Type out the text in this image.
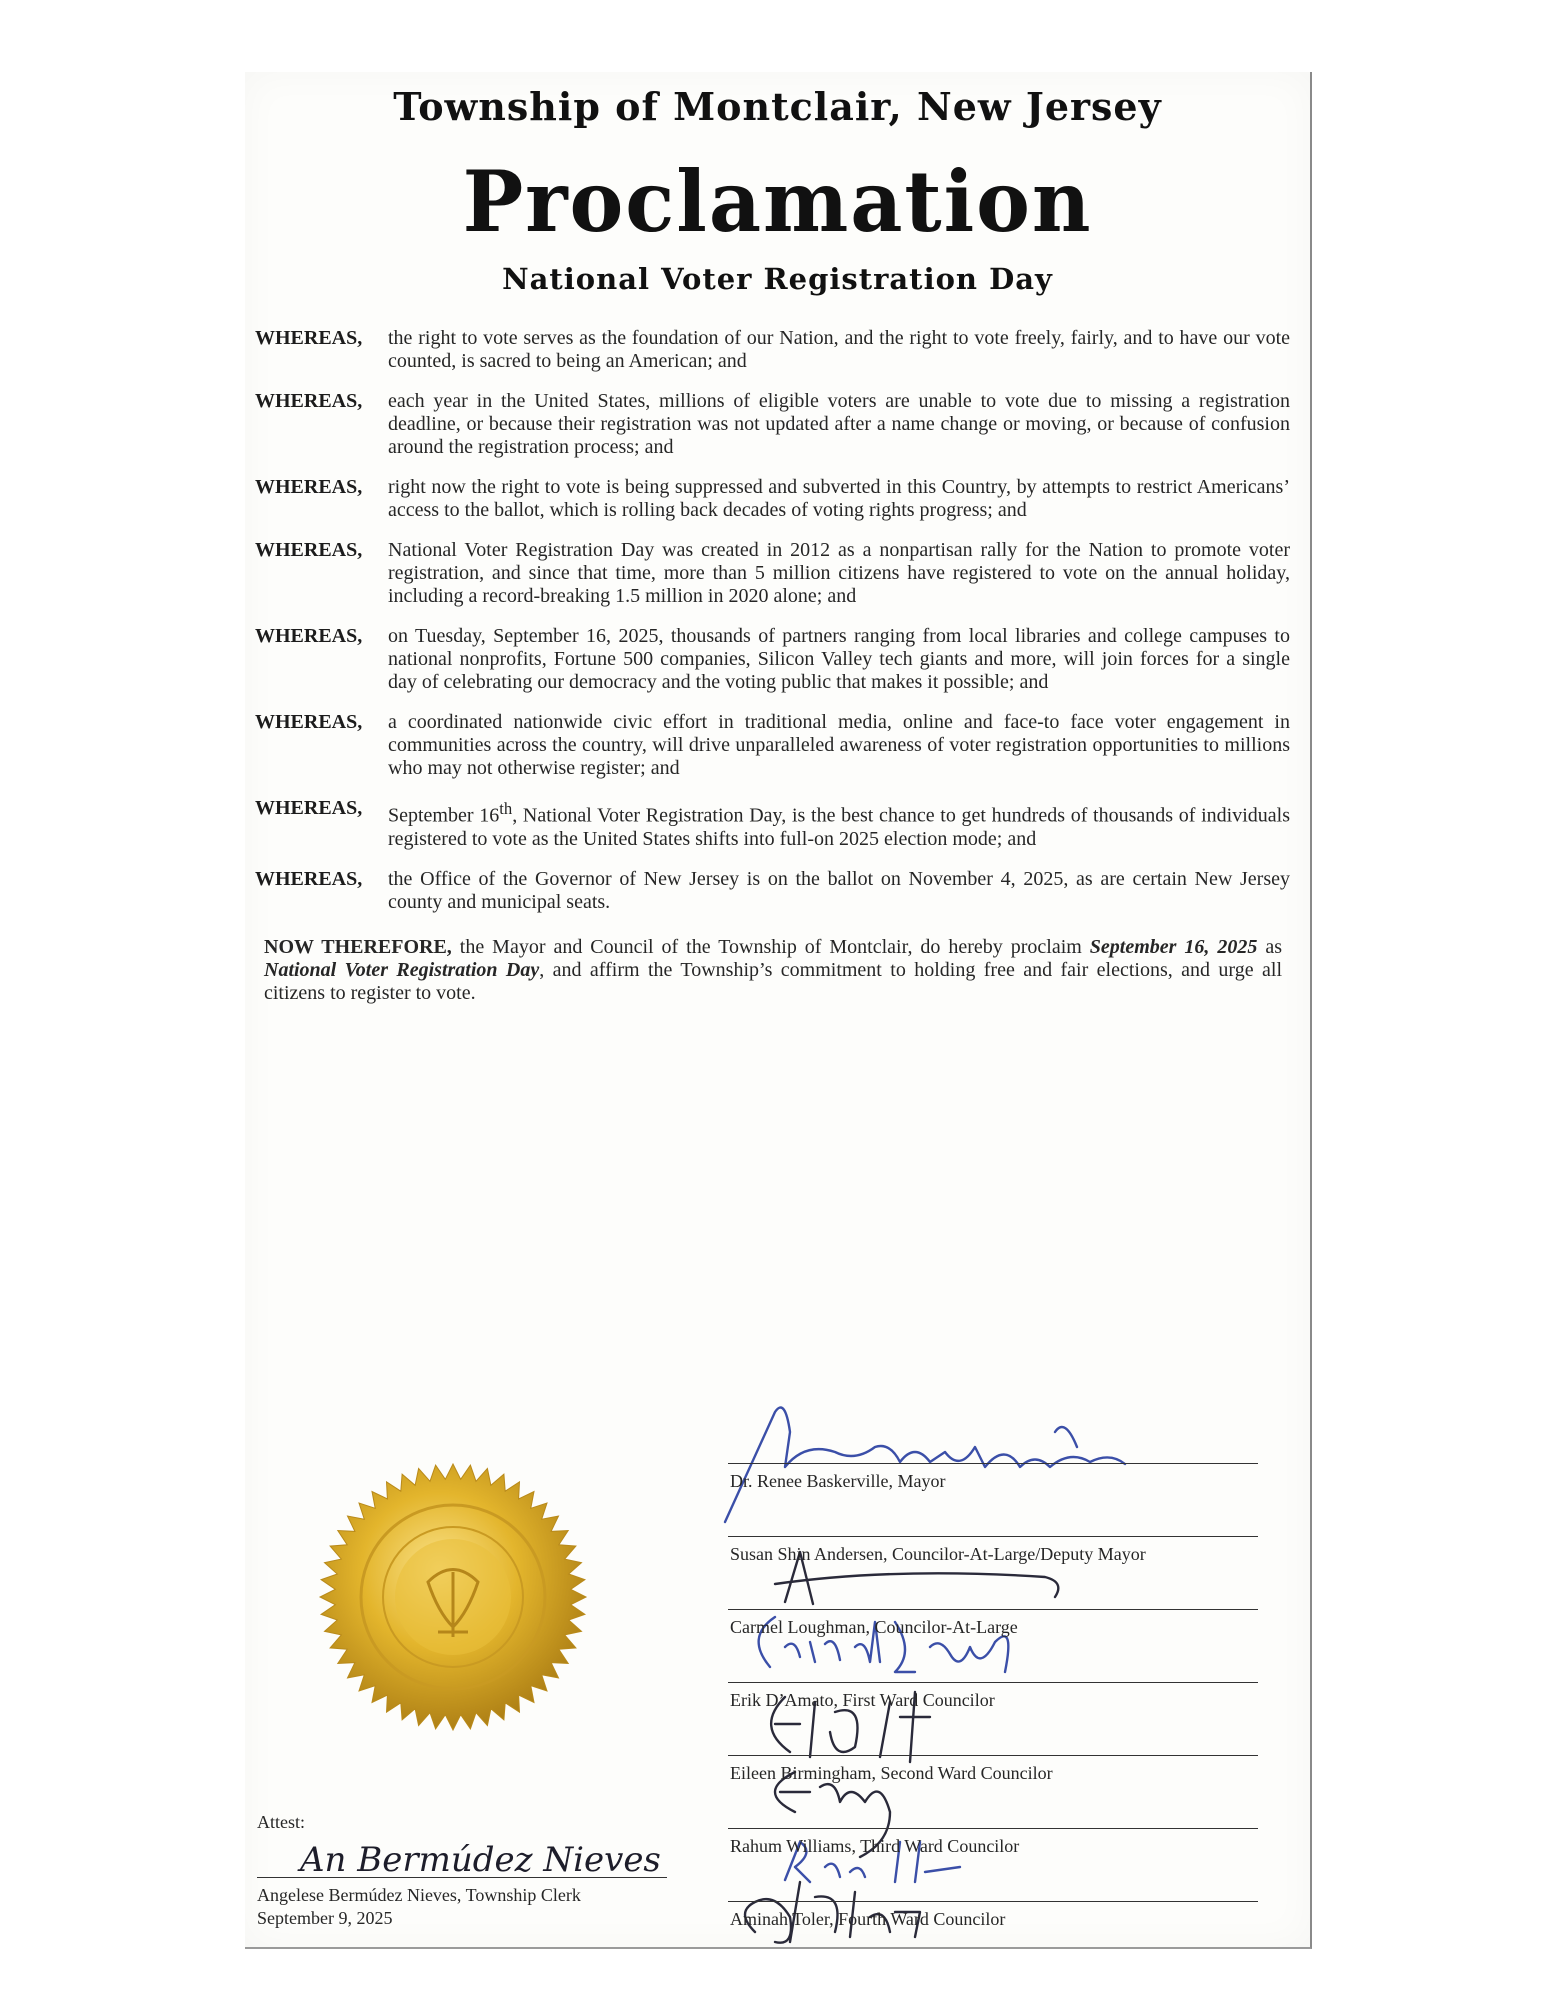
Township of Montclair, New Jersey
Proclamation
National Voter Registration Day
WHEREAS, the right to vote serves as the foundation of our Nation, and the right to vote freely, fairly, and to have our vote counted, is sacred to being an American; and
WHEREAS, each year in the United States, millions of eligible voters are unable to vote due to missing a registration deadline, or because their registration was not updated after a name change or moving, or because of confusion around the registration process; and
WHEREAS, right now the right to vote is being suppressed and subverted in this Country, by attempts to restrict Americans’ access to the ballot, which is rolling back decades of voting rights progress; and
WHEREAS, National Voter Registration Day was created in 2012 as a nonpartisan rally for the Nation to promote voter registration, and since that time, more than 5 million citizens have registered to vote on the annual holiday, including a record-breaking 1.5 million in 2020 alone; and
WHEREAS, on Tuesday, September 16, 2025, thousands of partners ranging from local libraries and college campuses to national nonprofits, Fortune 500 companies, Silicon Valley tech giants and more, will join forces for a single day of celebrating our democracy and the voting public that makes it possible; and
WHEREAS, a coordinated nationwide civic effort in traditional media, online and face-to face voter engagement in communities across the country, will drive unparalleled awareness of voter registration opportunities to millions who may not otherwise register; and
WHEREAS, September 16th, National Voter Registration Day, is the best chance to get hundreds of thousands of individuals registered to vote as the United States shifts into full-on 2025 election mode; and
WHEREAS, the Office of the Governor of New Jersey is on the ballot on November 4, 2025, as are certain New Jersey county and municipal seats.
NOW THEREFORE, the Mayor and Council of the Township of Montclair, do hereby proclaim September 16, 2025 as National Voter Registration Day, and affirm the Township’s commitment to holding free and fair elections, and urge all citizens to register to vote.
Attest:
An Bermúdez Nieves
Angelese Bermúdez Nieves, Township Clerk
September 9, 2025
Dr. Renee Baskerville, Mayor
Susan Shin Andersen, Councilor-At-Large/Deputy Mayor
Carmel Loughman, Councilor-At-Large
Erik D’Amato, First Ward Councilor
Eileen Birmingham, Second Ward Councilor
Rahum Williams, Third Ward Councilor
Aminah Toler, Fourth Ward Councilor
